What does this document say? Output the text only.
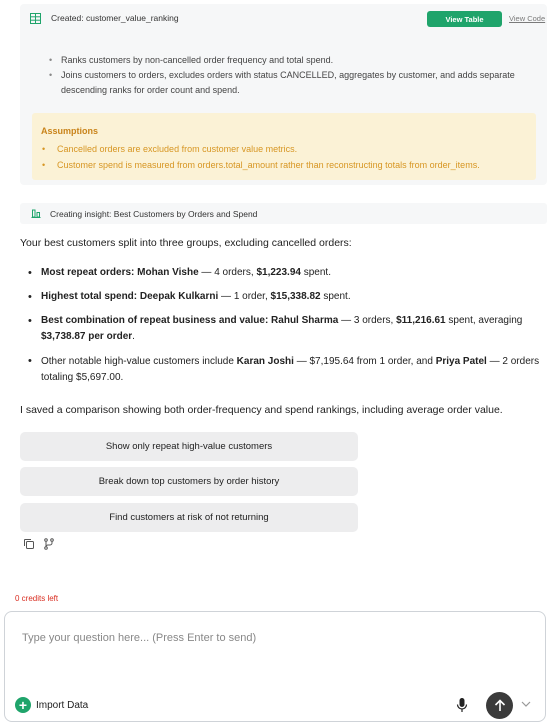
Created: customer_value_ranking	View Table	View Code
• Ranks customers by non-cancelled order frequency and total spend.
• Joins customers to orders, excludes orders with status CANCELLED, aggregates by customer, and adds separate descending ranks for order count and spend.
Assumptions
• Cancelled orders are excluded from customer value metrics.
• Customer spend is measured from orders.total_amount rather than reconstructing totals from order_items.
Creating insight: Best Customers by Orders and Spend

Your best customers split into three groups, excluding cancelled orders:

• Most repeat orders: Mohan Vishe — 4 orders, $1,223.94 spent.
• Highest total spend: Deepak Kulkarni — 1 order, $15,338.82 spent.
• Best combination of repeat business and value: Rahul Sharma — 3 orders, $11,216.61 spent, averaging $3,738.87 per order.
• Other notable high-value customers include Karan Joshi — $7,195.64 from 1 order, and Priya Patel — 2 orders totaling $5,697.00.

I saved a comparison showing both order-frequency and spend rankings, including average order value.

Show only repeat high-value customers
Break down top customers by order history
Find customers at risk of not returning
0 credits left
Type your question here... (Press Enter to send)
+ Import Data
